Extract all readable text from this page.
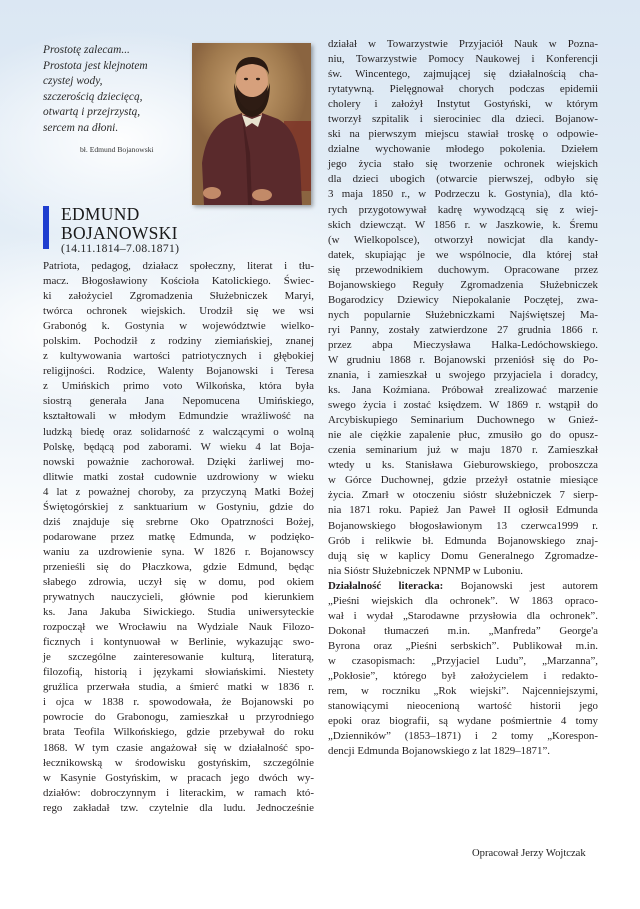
Prostotę zalecam...
Prostota jest klejnotem
czystej wody,
szczerością dziecięcą,
otwartą i przejrzystą,
sercem na dłoni.
bł. Edmund Bojanowski
EDMUND
BOJANOWSKI
(14.11.1814–7.08.1871)
Patriota, pedagog, działacz społeczny, literat i tłu-
macz. Błogosławiony Kościoła Katolickiego. Świec-
ki założyciel Zgromadzenia Służebniczek Maryi,
twórca ochronek wiejskich. Urodził się we wsi
Grabonóg k. Gostynia w województwie wielko-
polskim. Pochodził z rodziny ziemiańskiej, znanej
z kultywowania wartości patriotycznych i głębokiej
religijności. Rodzice, Walenty Bojanowski i Teresa
z Umińskich primo voto Wilkońska, która była
siostrą generała Jana Nepomucena Umińskiego,
kształtowali w młodym Edmundzie wrażliwość na
ludzką biedę oraz solidarność z walczącymi o wolną
Polskę, będącą pod zaborami. W wieku 4 lat Boja-
nowski poważnie zachorował. Dzięki żarliwej mo-
dlitwie matki został cudownie uzdrowiony w wieku
4 lat z poważnej choroby, za przyczyną Matki Bożej
Świętogórskiej z sanktuarium w Gostyniu, gdzie do
dziś znajduje się srebrne Oko Opatrzności Bożej,
podarowane przez matkę Edmunda, w podzięko-
waniu za uzdrowienie syna. W 1826 r. Bojanowscy
przenieśli się do Płaczkowa, gdzie Edmund, będąc
słabego zdrowia, uczył się w domu, pod okiem
prywatnych nauczycieli, głównie pod kierunkiem
ks. Jana Jakuba Siwickiego. Studia uniwersyteckie
rozpoczął we Wrocławiu na Wydziale Nauk Filozo-
ficznych i kontynuował w Berlinie, wykazując swo-
je szczególne zainteresowanie kulturą, literaturą,
filozofią, historią i językami słowiańskimi. Niestety
gruźlica przerwała studia, a śmierć matki w 1836 r.
i ojca w 1838 r. spowodowała, że Bojanowski po
powrocie do Grabonogu, zamieszkał u przyrodniego
brata Teofila Wilkońskiego, gdzie przebywał do roku
1868. W tym czasie angażował się w działalność spo-
łecznikowską w środowisku gostyńskim, szczególnie
w Kasynie Gostyńskim, w pracach jego dwóch wy-
działów: dobroczynnym i literackim, w ramach któ-
rego zakładał tzw. czytelnie dla ludu. Jednocześnie
działał w Towarzystwie Przyjaciół Nauk w Pozna-
niu, Towarzystwie Pomocy Naukowej i Konferencji
św. Wincentego, zajmującej się działalnością cha-
rytatywną. Pielęgnował chorych podczas epidemii
cholery i założył Instytut Gostyński, w którym
tworzył szpitalik i sierociniec dla dzieci. Bojanow-
ski na pierwszym miejscu stawiał troskę o odpowie-
dzialne wychowanie młodego pokolenia. Dziełem
jego życia stało się tworzenie ochronek wiejskich
dla dzieci ubogich (otwarcie pierwszej, odbyło się
3 maja 1850 r., w Podrzeczu k. Gostynia), dla któ-
rych przygotowywał kadrę wywodzącą się z wiej-
skich dziewcząt. W 1856 r. w Jaszkowie, k. Śremu
(w Wielkopolsce), otworzył nowicjat dla kandy-
datek, skupiając je we wspólnocie, dla której stał
się przewodnikiem duchowym. Opracowane przez
Bojanowskiego Reguły Zgromadzenia Służebniczek
Bogarodzicy Dziewicy Niepokalanie Poczętej, zwa-
nych popularnie Służebniczkami Najświętszej Ma-
ryi Panny, zostały zatwierdzone 27 grudnia 1866 r.
przez abpa Mieczysława Halka-Ledóchowskiego.
W grudniu 1868 r. Bojanowski przeniósł się do Po-
znania, i zamieszkał u swojego przyjaciela i doradcy,
ks. Jana Koźmiana. Próbował zrealizować marzenie
swego życia i zostać księdzem. W 1869 r. wstąpił do
Arcybiskupiego Seminarium Duchownego w Gnieź-
nie ale ciężkie zapalenie płuc, zmusiło go do opusz-
czenia seminarium już w maju 1870 r. Zamieszkał
wtedy u ks. Stanisława Gieburowskiego, proboszcza
w Górce Duchownej, gdzie przeżył ostatnie miesiące
życia. Zmarł w otoczeniu sióstr służebniczek 7 sierp-
nia 1871 roku. Papież Jan Paweł II ogłosił Edmunda
Bojanowskiego błogosławionym 13 czerwca1999 r.
Grób i relikwie bł. Edmunda Bojanowskiego znaj-
dują się w kaplicy Domu Generalnego Zgromadze-
nia Sióstr Służebniczek NPNMP w Luboniu.
Działalność literacka: Bojanowski jest autorem
„Pieśni wiejskich dla ochronek”. W 1863 opraco-
wał i wydał „Starodawne przysłowia dla ochronek”.
Dokonał tłumaczeń m.in. „Manfreda” George'a
Byrona oraz „Pieśni serbskich”. Publikował m.in.
w czasopismach: „Przyjaciel Ludu”, „Marzanna”,
„Pokłosie”, którego był założycielem i redakto-
rem, w roczniku „Rok wiejski”. Najcenniejszymi,
stanowiącymi nieocenioną wartość historii jego
epoki oraz biografii, są wydane pośmiertnie 4 tomy
„Dzienników” (1853–1871) i 2 tomy „Korespon-
dencji Edmunda Bojanowskiego z lat 1829–1871”.
Opracował Jerzy Wojtczak
